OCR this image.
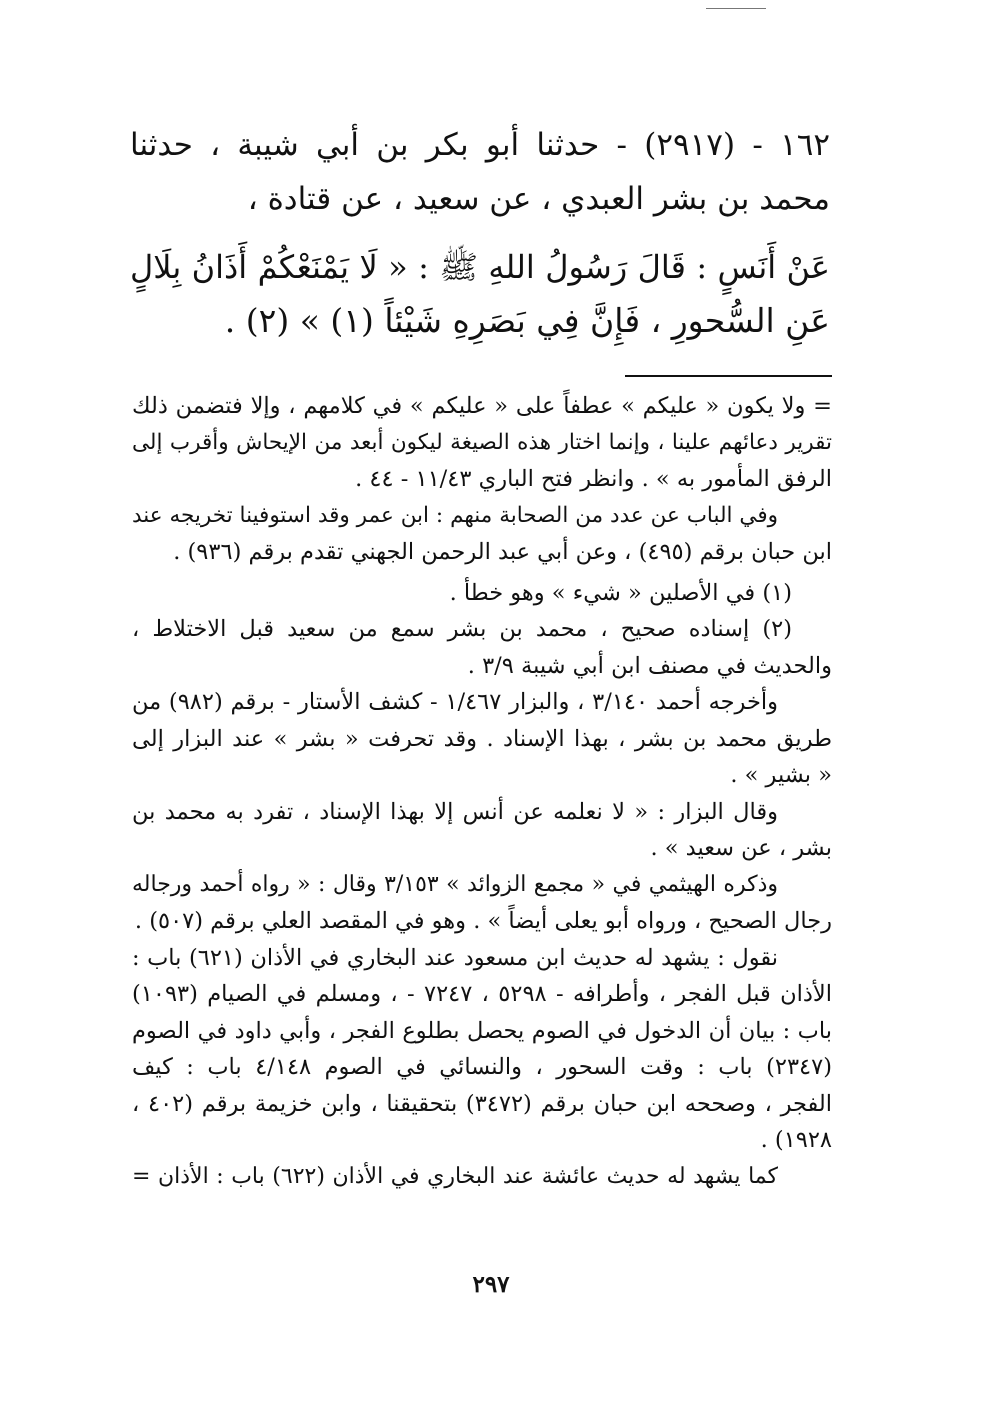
١٦٢ - (٢٩١٧) - حدثنا أبو بكر بن أبي شيبة ، حدثنا
محمد بن بشر العبدي ، عن سعيد ، عن قتادة ،
عَنْ أَنَسٍ : قَالَ رَسُولُ اللهِ ﷺ : « لَا يَمْنَعْكُمْ أَذَانُ بِلَالٍ
عَنِ السُّحورِ ، فَإِنَّ فِي بَصَرِهِ شَيْئاً (١) » (٢) .
= ولا يكون « عليكم » عطفاً على « عليكم » في كلامهم ، وإلا فتضمن ذلك
تقرير دعائهم علينا ، وإنما اختار هذه الصيغة ليكون أبعد من الإيحاش وأقرب إلى
الرفق المأمور به » . وانظر فتح الباري ١١/٤٣ - ٤٤ .
وفي الباب عن عدد من الصحابة منهم : ابن عمر وقد استوفينا تخريجه عند
ابن حبان برقم (٤٩٥) ، وعن أبي عبد الرحمن الجهني تقدم برقم (٩٣٦) .
(١) في الأصلين « شيء » وهو خطأ .
(٢) إسناده صحيح ، محمد بن بشر سمع من سعيد قبل الاختلاط ،
والحديث في مصنف ابن أبي شيبة ٣/٩ .
وأخرجه أحمد ٣/١٤٠ ، والبزار ١/٤٦٧ - كشف الأستار - برقم (٩٨٢) من
طريق محمد بن بشر ، بهذا الإسناد . وقد تحرفت « بشر » عند البزار إلى
« بشير » .
وقال البزار : « لا نعلمه عن أنس إلا بهذا الإسناد ، تفرد به محمد بن
بشر ، عن سعيد » .
وذكره الهيثمي في « مجمع الزوائد » ٣/١٥٣ وقال : « رواه أحمد ورجاله
رجال الصحيح ، ورواه أبو يعلى أيضاً » . وهو في المقصد العلي برقم (٥٠٧) .
نقول : يشهد له حديث ابن مسعود عند البخاري في الأذان (٦٢١) باب :
الأذان قبل الفجر ، وأطرافه - ٥٢٩٨ ، ٧٢٤٧ - ، ومسلم في الصيام (١٠٩٣)
باب : بيان أن الدخول في الصوم يحصل بطلوع الفجر ، وأبي داود في الصوم
(٢٣٤٧) باب : وقت السحور ، والنسائي في الصوم ٤/١٤٨ باب : كيف
الفجر ، وصححه ابن حبان برقم (٣٤٧٢) بتحقيقنا ، وابن خزيمة برقم (٤٠٢ ،
١٩٢٨) .
كما يشهد له حديث عائشة عند البخاري في الأذان (٦٢٢) باب : الأذان =
٢٩٧
